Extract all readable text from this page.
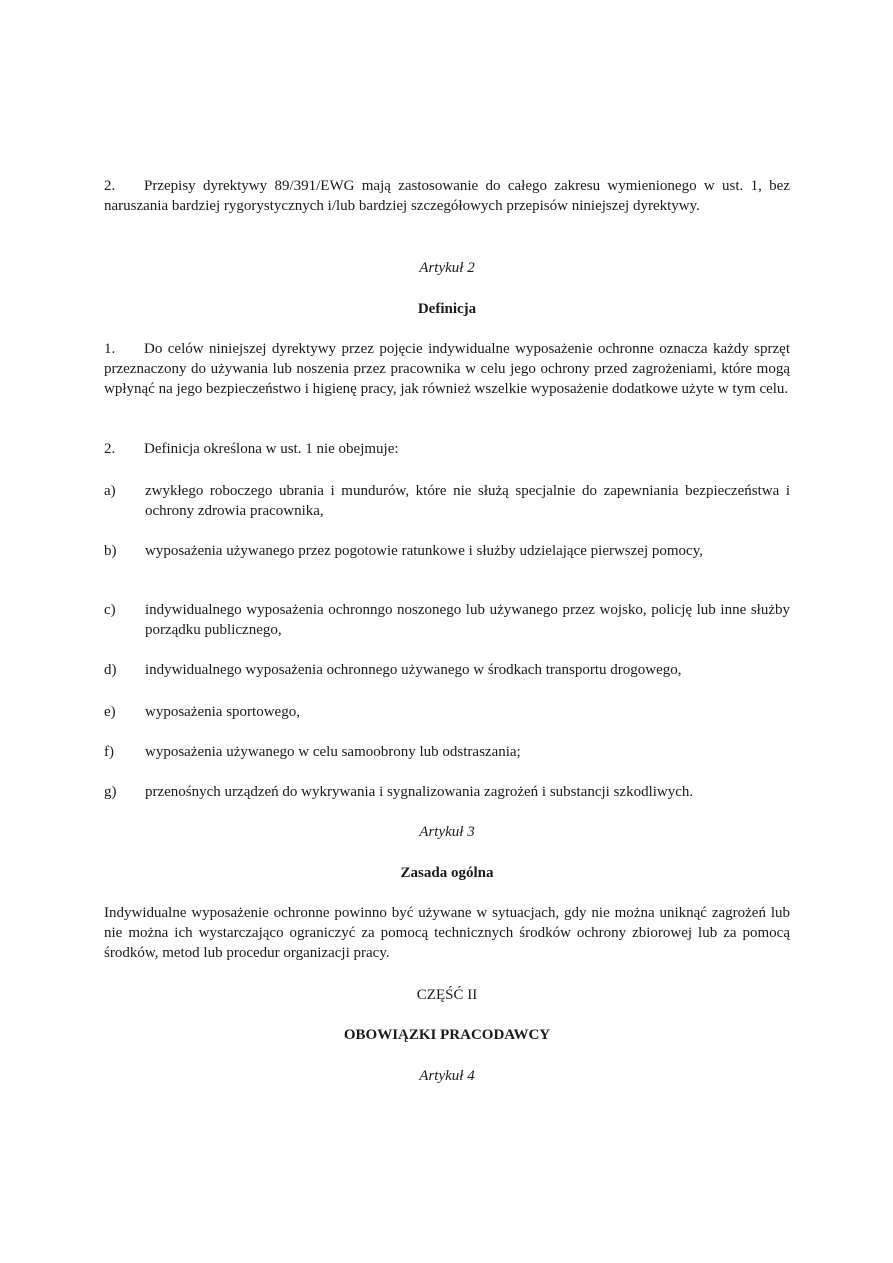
2. Przepisy dyrektywy 89/391/EWG mają zastosowanie do całego zakresu wymienionego w ust. 1, bez naruszania bardziej rygorystycznych i/lub bardziej szczegółowych przepisów niniejszej dyrektywy.
Artykuł 2
Definicja
1. Do celów niniejszej dyrektywy przez pojęcie indywidualne wyposażenie ochronne oznacza każdy sprzęt przeznaczony do używania lub noszenia przez pracownika w celu jego ochrony przed zagrożeniami, które mogą wpłynąć na jego bezpieczeństwo i higienę pracy, jak również wszelkie wyposażenie dodatkowe użyte w tym celu.
2. Definicja określona w ust. 1 nie obejmuje:
a)	zwykłego roboczego ubrania i mundurów, które nie służą specjalnie do zapewniania bezpieczeństwa i ochrony zdrowia pracownika,
b)	wyposażenia używanego przez pogotowie ratunkowe i służby udzielające pierwszej pomocy,
c)	indywidualnego wyposażenia ochronngo noszonego lub używanego przez wojsko, policję lub inne służby porządku publicznego,
d)	indywidualnego wyposażenia ochronnego używanego w środkach transportu drogowego,
e)	wyposażenia sportowego,
f)	wyposażenia używanego w celu samoobrony lub odstraszania;
g)	przenośnych urządzeń do wykrywania i sygnalizowania zagrożeń i substancji szkodliwych.
Artykuł 3
Zasada ogólna
Indywidualne wyposażenie ochronne powinno być używane w sytuacjach, gdy nie można uniknąć zagrożeń lub nie można ich wystarczająco ograniczyć za pomocą technicznych środków ochrony zbiorowej lub za pomocą środków, metod lub procedur organizacji pracy.
CZĘŚĆ II
OBOWIĄZKI PRACODAWCY
Artykuł 4
